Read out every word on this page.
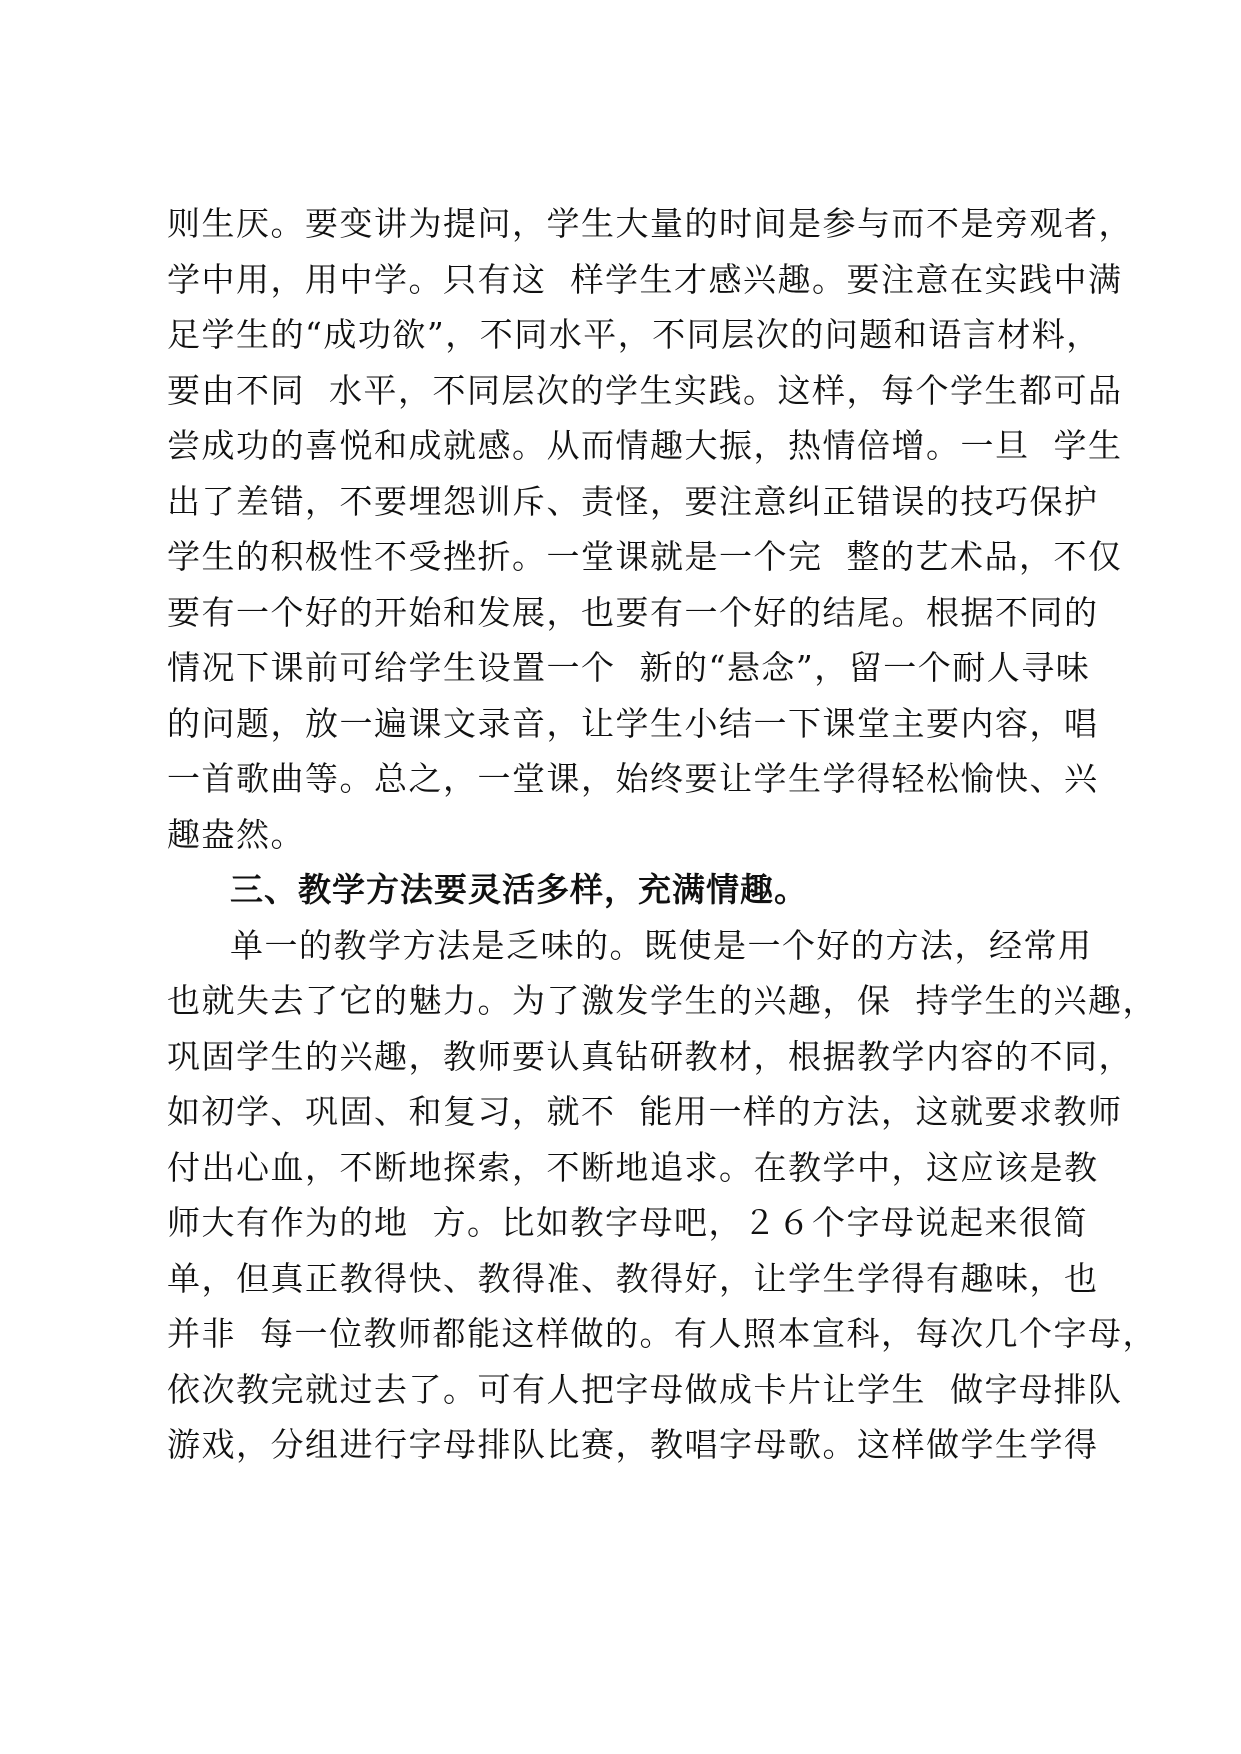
则生厌。要变讲为提问，学生大量的时间是参与而不是旁观者，
学中用，用中学。只有这  样学生才感兴趣。要注意在实践中满
足学生的“成功欲”，不同水平，不同层次的问题和语言材料，
要由不同  水平，不同层次的学生实践。这样，每个学生都可品
尝成功的喜悦和成就感。从而情趣大振，热情倍增。一旦  学生
出了差错，不要埋怨训斥、责怪，要注意纠正错误的技巧保护
学生的积极性不受挫折。一堂课就是一个完  整的艺术品，不仅
要有一个好的开始和发展，也要有一个好的结尾。根据不同的
情况下课前可给学生设置一个  新的“悬念”，留一个耐人寻味
的问题，放一遍课文录音，让学生小结一下课堂主要内容，唱
一首歌曲等。总之，一堂课，始终要让学生学得轻松愉快、兴
趣盎然。
三、教学方法要灵活多样，充满情趣。
单一的教学方法是乏味的。既使是一个好的方法，经常用
也就失去了它的魅力。为了激发学生的兴趣，保  持学生的兴趣，
巩固学生的兴趣，教师要认真钻研教材，根据教学内容的不同，
如初学、巩固、和复习，就不  能用一样的方法，这就要求教师
付出心血，不断地探索，不断地追求。在教学中，这应该是教
师大有作为的地  方。比如教字母吧，２６个字母说起来很简
单，但真正教得快、教得准、教得好，让学生学得有趣味，也
并非  每一位教师都能这样做的。有人照本宣科，每次几个字母，
依次教完就过去了。可有人把字母做成卡片让学生  做字母排队
游戏，分组进行字母排队比赛，教唱字母歌。这样做学生学得
